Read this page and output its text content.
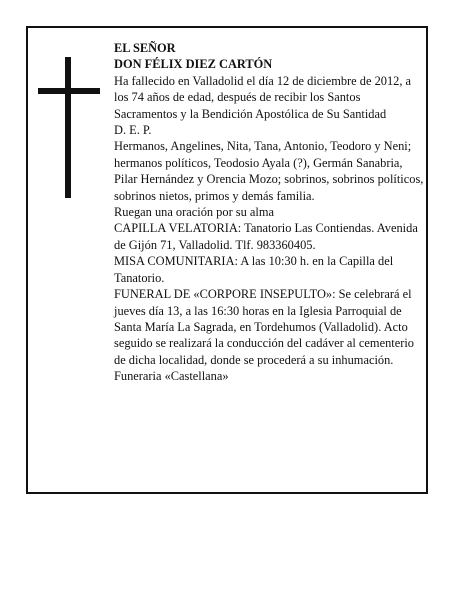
EL SEÑOR

DON FÉLIX DIEZ CARTÓN

Ha fallecido en Valladolid el día 12 de diciembre de 2012, a los 74 años de edad, después de recibir los Santos Sacramentos y la Bendición Apostólica de Su Santidad

D. E. P.

Hermanos, Angelines, Nita, Tana, Antonio, Teodoro y Neni; hermanos políticos, Teodosio Ayala (?), Germán Sanabria, Pilar Hernández y Orencia Mozo; sobrinos, sobrinos políticos, sobrinos nietos, primos y demás familia.

Ruegan una oración por su alma

CAPILLA VELATORIA: Tanatorio Las Contiendas. Avenida de Gijón 71, Valladolid. Tlf. 983360405.

MISA COMUNITARIA: A las 10:30 h. en la Capilla del Tanatorio.

FUNERAL DE «CORPORE INSEPULTO»: Se celebrará el jueves día 13, a las 16:30 horas en la Iglesia Parroquial de Santa María La Sagrada, en Tordehumos (Valladolid). Acto seguido se realizará la conducción del cadáver al cementerio de dicha localidad, donde se procederá a su inhumación.

Funeraria «Castellana»
